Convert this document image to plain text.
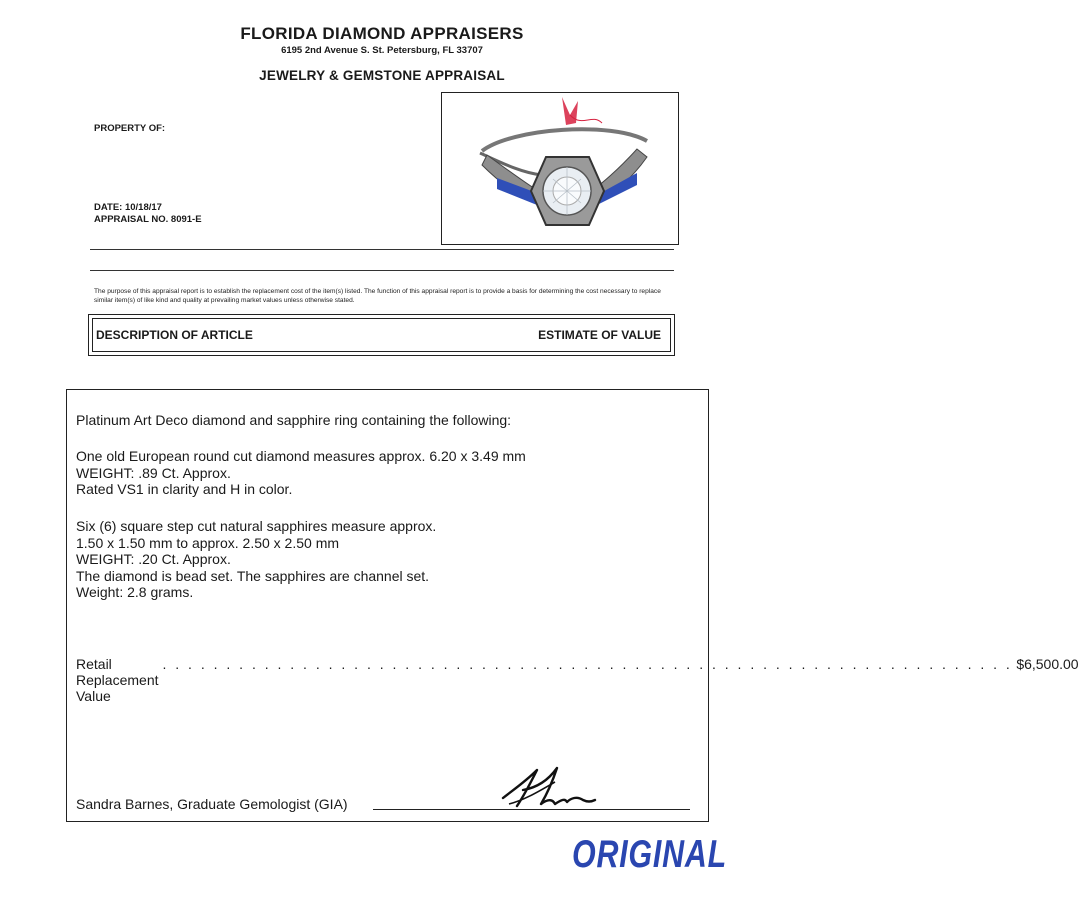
FLORIDA DIAMOND APPRAISERS
6195 2nd Avenue S. St. Petersburg, FL 33707
JEWELRY & GEMSTONE APPRAISAL
PROPERTY OF:
DATE: 10/18/17
APPRAISAL NO. 8091-E
The purpose of this appraisal report is to establish the replacement cost of the item(s) listed. The function of this appraisal report is to provide a basis for determining the cost necessary to replace similar item(s) of like kind and quality at prevailing market values unless otherwise stated.
DESCRIPTION OF ARTICLE	ESTIMATE OF VALUE
Platinum Art Deco diamond and sapphire ring containing the following:
One old European round cut diamond measures approx. 6.20 x 3.49 mm
WEIGHT: .89 Ct. Approx.
Rated VS1 in clarity and H in color.
Six (6) square step cut natural sapphires measure approx.
1.50 x 1.50 mm to approx. 2.50 x 2.50 mm
WEIGHT: .20 Ct. Approx.
The diamond is bead set. The sapphires are channel set.
Weight: 2.8 grams.
Retail Replacement Value
. . . . . . . . . . . . . . . . . . . . . . . . . . . . . . . . . . . . . . . . . . . . . . . . . . . . . . . . . . . . . . . . . . . $6,500.00
Sandra Barnes, Graduate Gemologist (GIA)
ORIGINAL
